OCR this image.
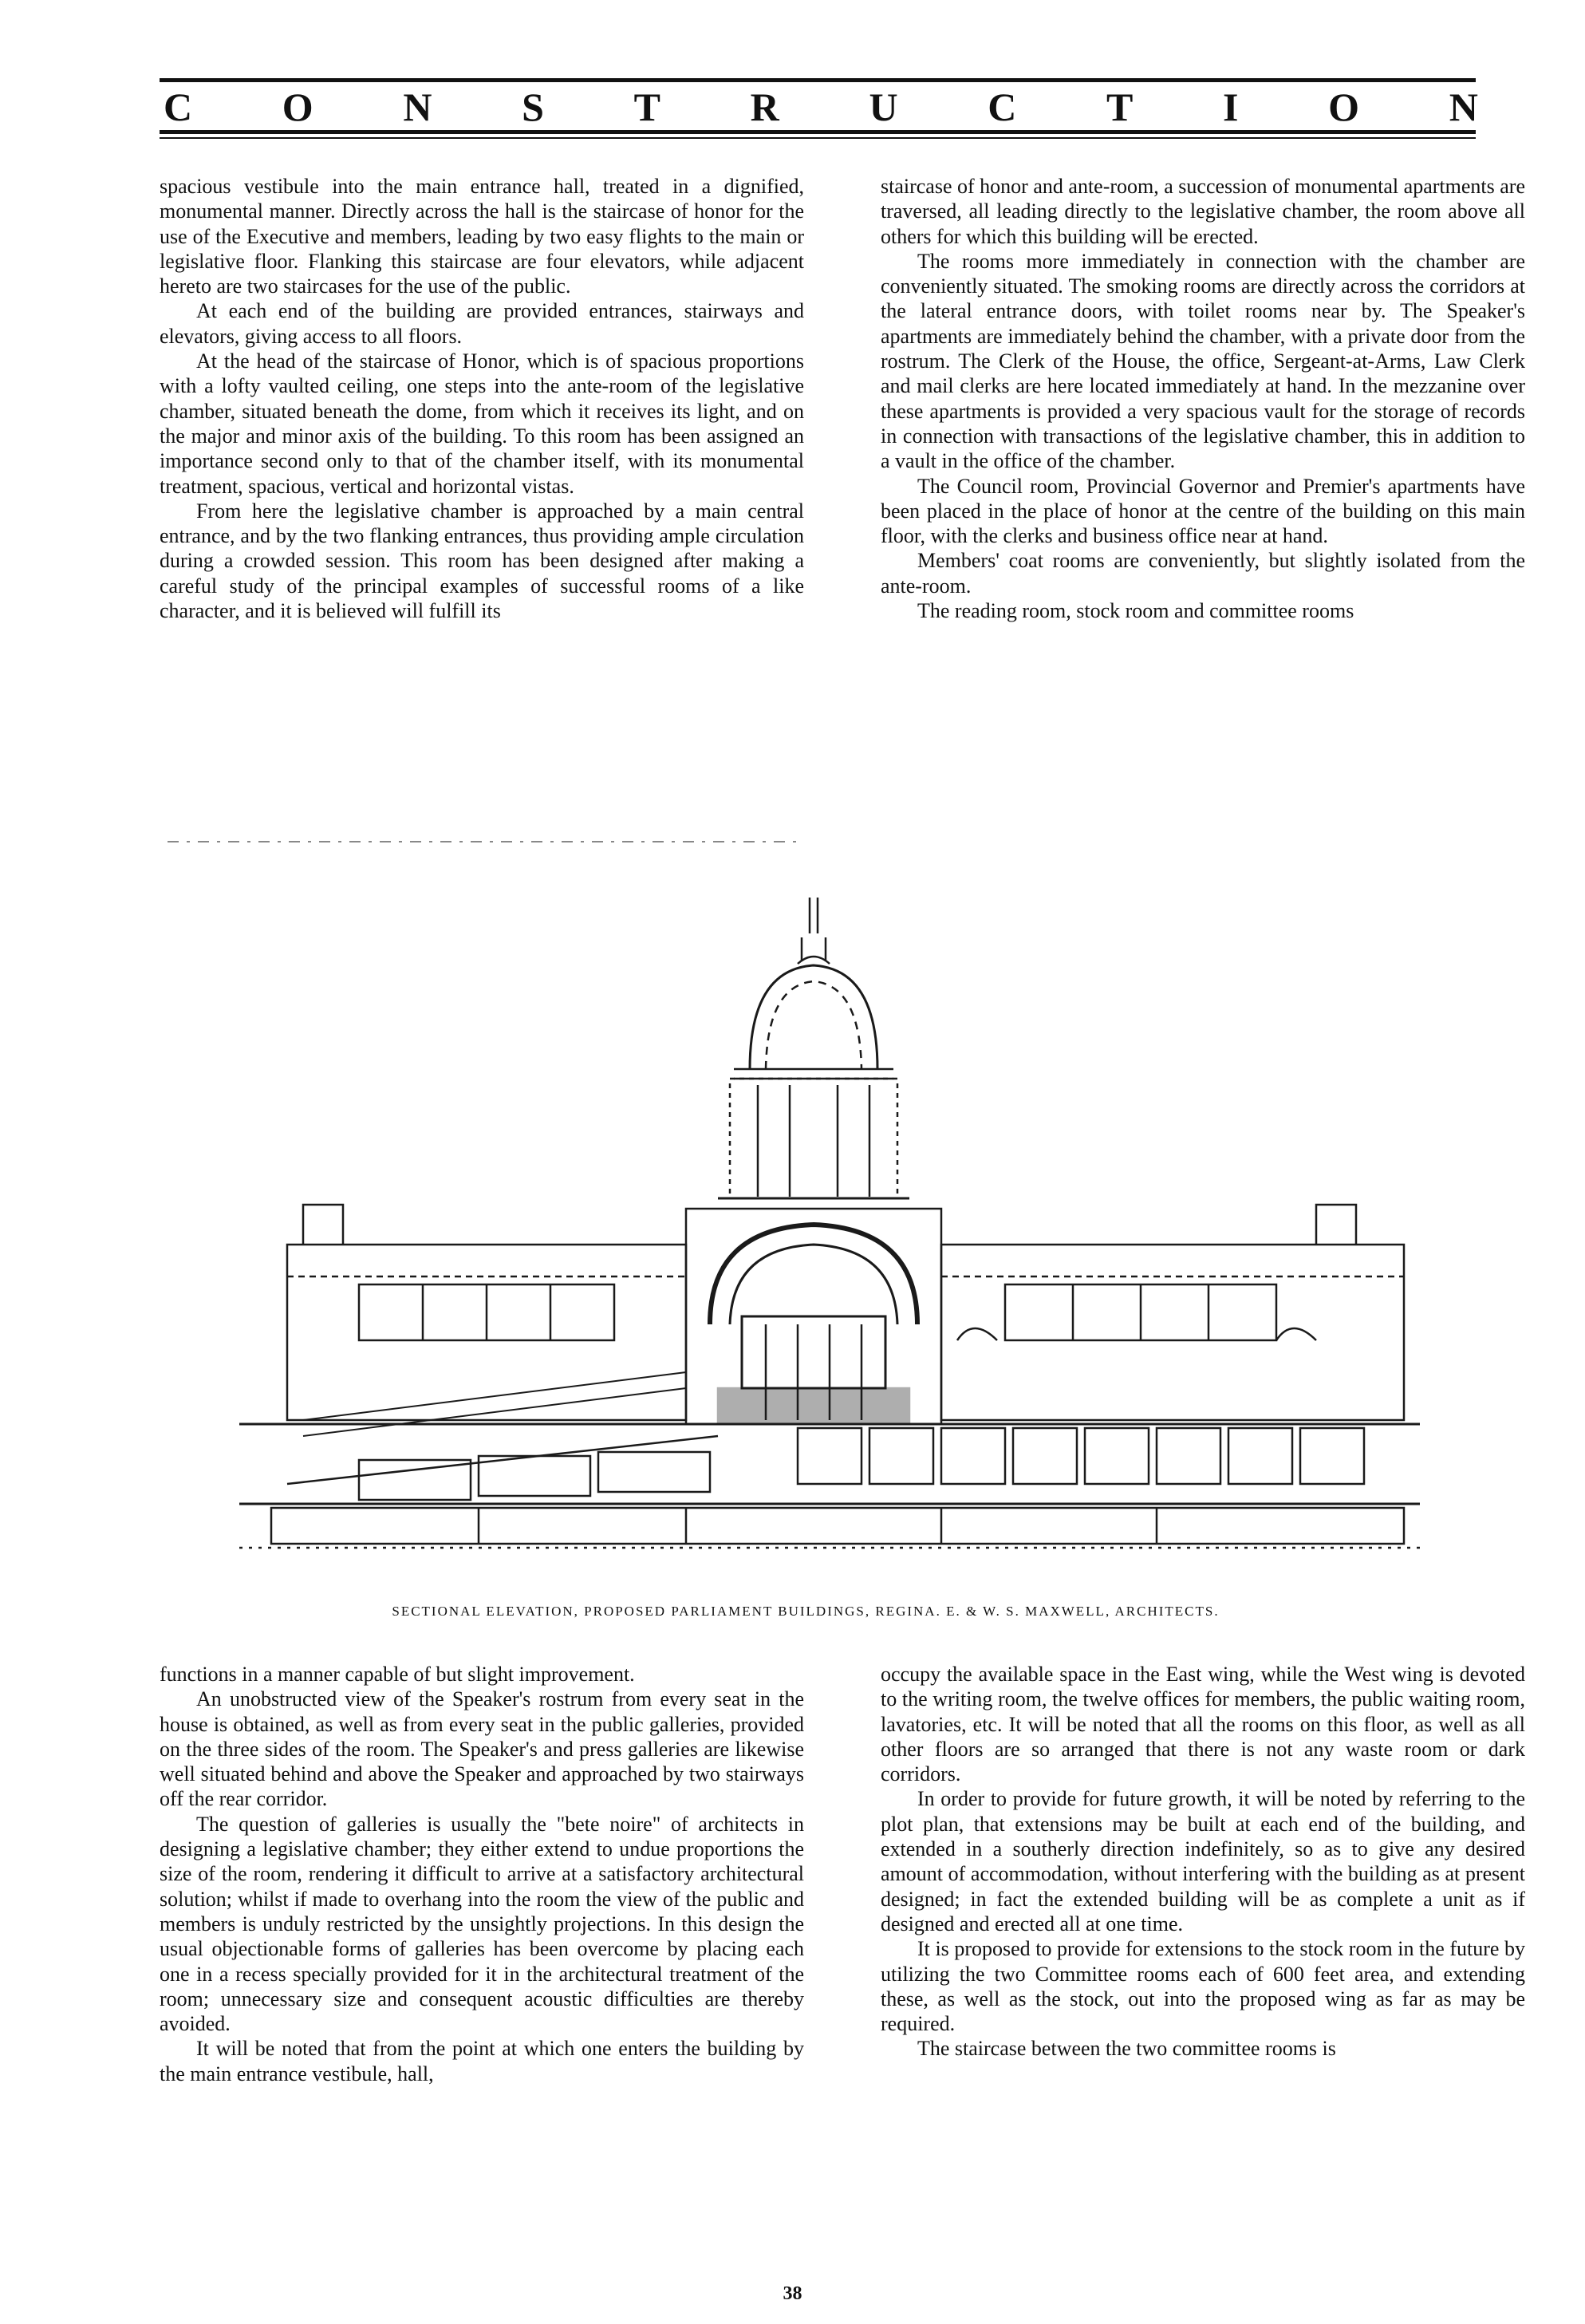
C O N S T R U C T I O N

spacious vestibule into the main entrance hall, treated in a dignified, monumental manner. Directly across the hall is the staircase of honor for the use of the Executive and members, leading by two easy flights to the main or legislative floor. Flanking this staircase are four elevators, while adjacent hereto are two staircases for the use of the public.

At each end of the building are provided entrances, stairways and elevators, giving access to all floors.

At the head of the staircase of Honor, which is of spacious proportions with a lofty vaulted ceiling, one steps into the ante-room of the legislative chamber, situated beneath the dome, from which it receives its light, and on the major and minor axis of the building. To this room has been assigned an importance second only to that of the chamber itself, with its monumental treatment, spacious, vertical and horizontal vistas.

From here the legislative chamber is approached by a main central entrance, and by the two flanking entrances, thus providing ample circulation during a crowded session. This room has been designed after making a careful study of the principal examples of successful rooms of a like character, and it is believed will fulfill its

staircase of honor and ante-room, a succession of monumental apartments are traversed, all leading directly to the legislative chamber, the room above all others for which this building will be erected.

The rooms more immediately in connection with the chamber are conveniently situated. The smoking rooms are directly across the corridors at the lateral entrance doors, with toilet rooms near by. The Speaker's apartments are immediately behind the chamber, with a private door from the rostrum. The Clerk of the House, the office, Sergeant-at-Arms, Law Clerk and mail clerks are here located immediately at hand. In the mezzanine over these apartments is provided a very spacious vault for the storage of records in connection with transactions of the legislative chamber, this in addition to a vault in the office of the chamber.

The Council room, Provincial Governor and Premier's apartments have been placed in the place of honor at the centre of the building on this main floor, with the clerks and business office near at hand.

Members' coat rooms are conveniently, but slightly isolated from the ante-room.

The reading room, stock room and committee rooms

SECTIONAL ELEVATION, PROPOSED PARLIAMENT BUILDINGS, REGINA. E. & W. S. MAXWELL, ARCHITECTS.

functions in a manner capable of but slight improvement.

An unobstructed view of the Speaker's rostrum from every seat in the house is obtained, as well as from every seat in the public galleries, provided on the three sides of the room. The Speaker's and press galleries are likewise well situated behind and above the Speaker and approached by two stairways off the rear corridor.

The question of galleries is usually the "bete noire" of architects in designing a legislative chamber; they either extend to undue proportions the size of the room, rendering it difficult to arrive at a satisfactory architectural solution; whilst if made to overhang into the room the view of the public and members is unduly restricted by the unsightly projections. In this design the usual objectionable forms of galleries has been overcome by placing each one in a recess specially provided for it in the architectural treatment of the room; unnecessary size and consequent acoustic difficulties are thereby avoided.

It will be noted that from the point at which one enters the building by the main entrance vestibule, hall,

occupy the available space in the East wing, while the West wing is devoted to the writing room, the twelve offices for members, the public waiting room, lavatories, etc. It will be noted that all the rooms on this floor, as well as all other floors are so arranged that there is not any waste room or dark corridors.

In order to provide for future growth, it will be noted by referring to the plot plan, that extensions may be built at each end of the building, and extended in a southerly direction indefinitely, so as to give any desired amount of accommodation, without interfering with the building as at present designed; in fact the extended building will be as complete a unit as if designed and erected all at one time.

It is proposed to provide for extensions to the stock room in the future by utilizing the two Committee rooms each of 600 feet area, and extending these, as well as the stock, out into the proposed wing as far as may be required.

The staircase between the two committee rooms is

38
